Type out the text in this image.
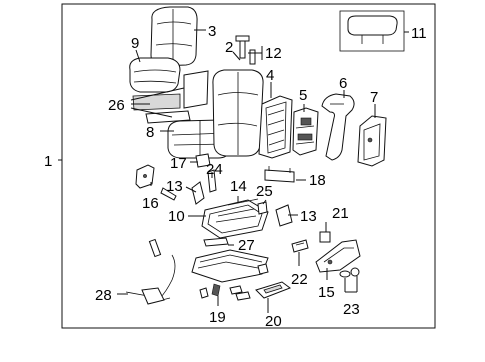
1
2
3
4
5
6
7
8
9
10
11
12
13
13
14
15
16
17
18
19	20
21
22
23
24
25
26
27
28
